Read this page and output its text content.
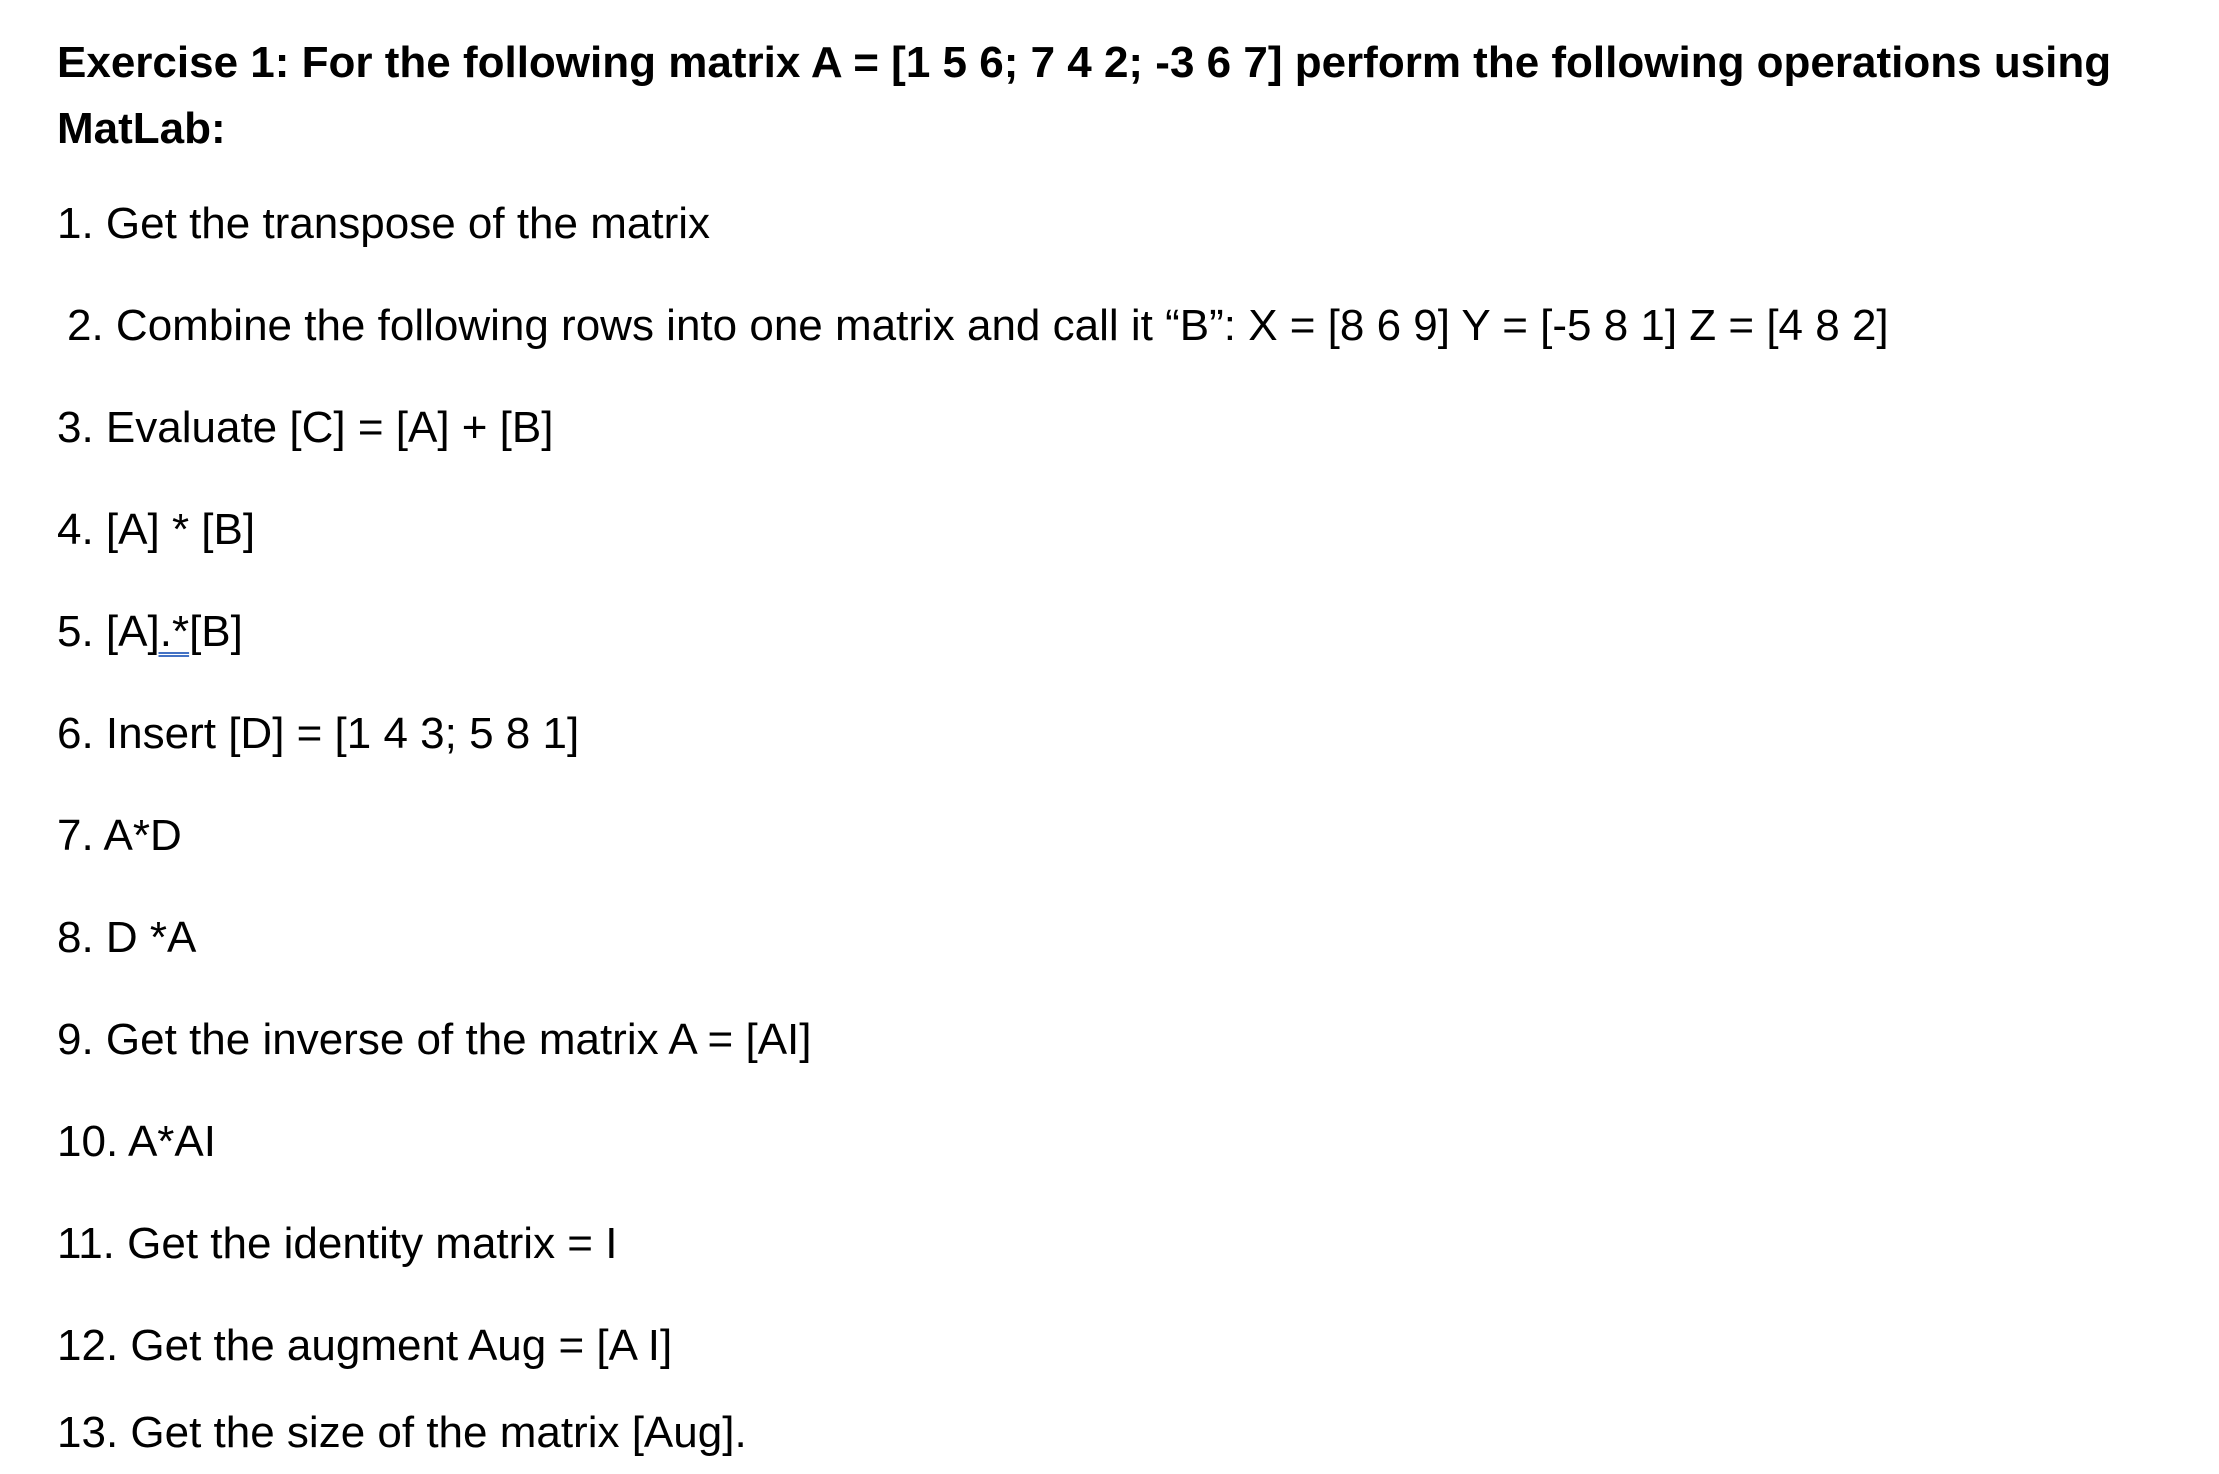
Exercise 1: For the following matrix A = [1 5 6; 7 4 2; -3 6 7] perform the following operations using MatLab:
1. Get the transpose of the matrix
2. Combine the following rows into one matrix and call it “B”: X = [8 6 9] Y = [-5 8 1] Z = [4 8 2]
3. Evaluate [C] = [A] + [B]
4. [A] * [B]
5. [A].*[B]
6. Insert [D] = [1 4 3; 5 8 1]
7. A*D
8. D *A
9. Get the inverse of the matrix A = [AI]
10. A*AI
11. Get the identity matrix = I
12. Get the augment Aug = [A I]
13. Get the size of the matrix [Aug].
